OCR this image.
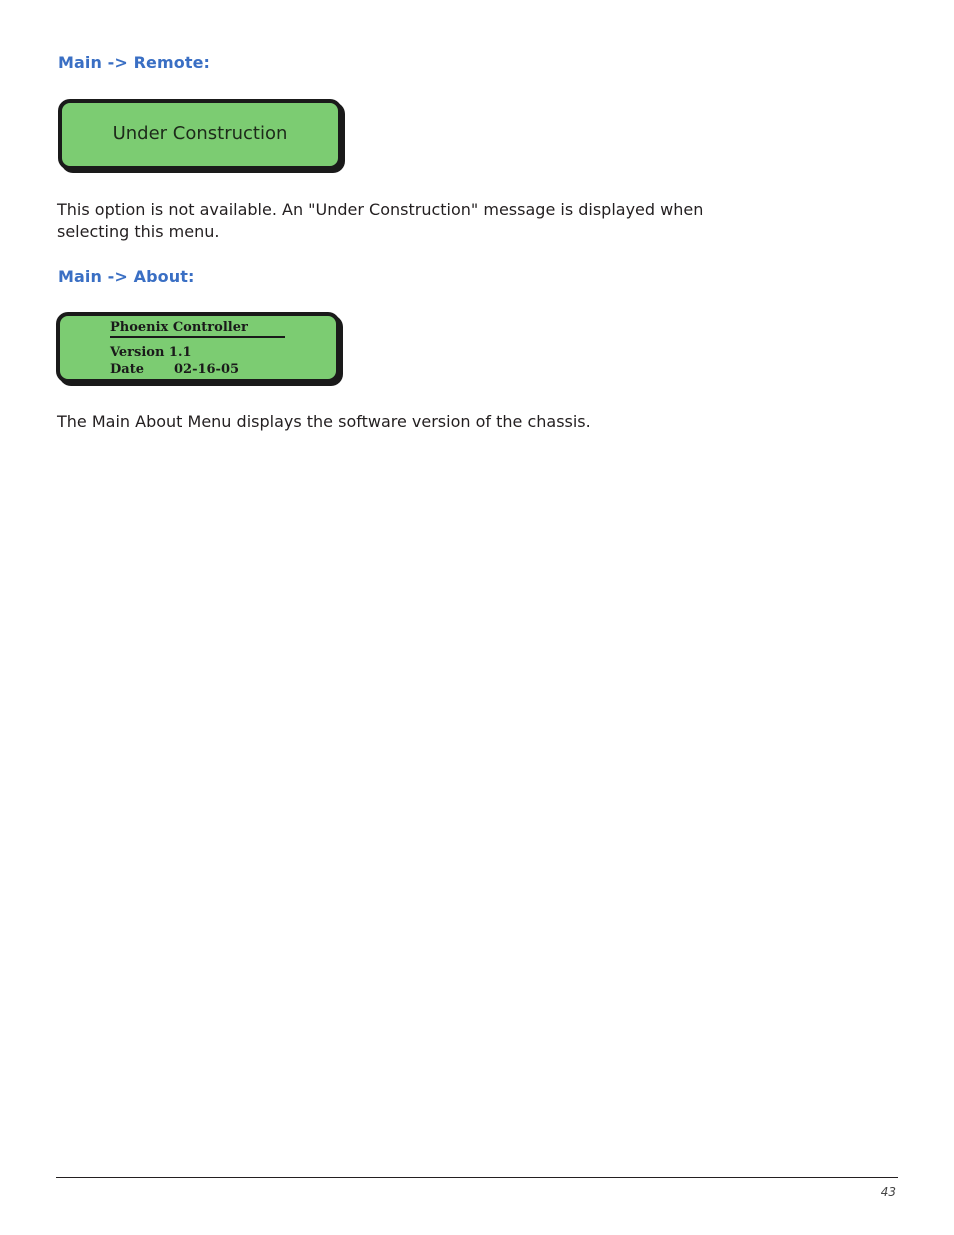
Main -> Remote:
Under Construction

This option is not available. An "Under Construction" message is displayed when selecting this menu.

Main -> About:
Phoenix Controller
Version 1.1
Date 02-16-05

The Main About Menu displays the software version of the chassis.

43
